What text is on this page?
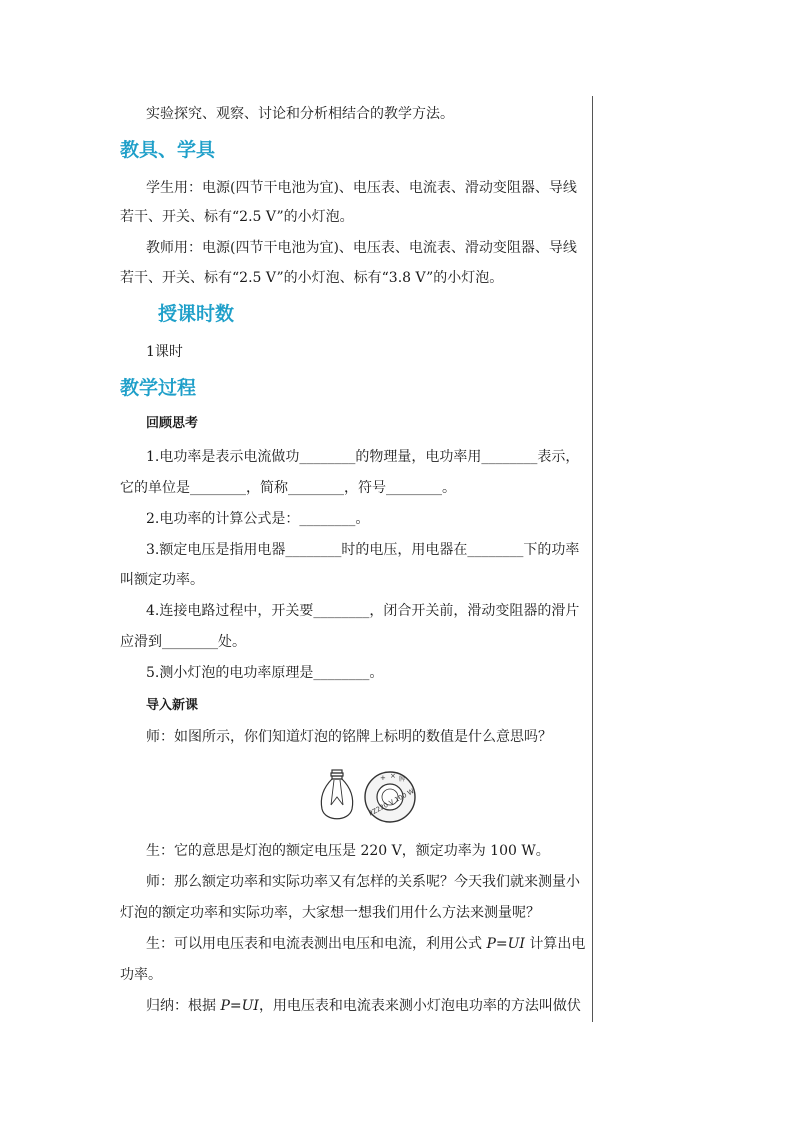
实验探究、观察、讨论和分析相结合的教学方法。
教具、学具
学生用：电源(四节干电池为宜)、电压表、电流表、滑动变阻器、导线
若干、开关、标有“2.5 V”的小灯泡。
教师用：电源(四节干电池为宜)、电压表、电流表、滑动变阻器、导线
若干、开关、标有“2.5 V”的小灯泡、标有“3.8 V”的小灯泡。
授课时数
1课时
教学过程
回顾思考
1.电功率是表示电流做功________的物理量，电功率用________表示，
它的单位是________，简称________，符号________。
2.电功率的计算公式是：________。
3.额定电压是指用电器________时的电压，用电器在________下的功率
叫额定功率。
4.连接电路过程中，开关要________，闭合开关前，滑动变阻器的滑片
应滑到________处。
5.测小灯泡的电功率原理是________。
导入新课
师：如图所示，你们知道灯泡的铭牌上标明的数值是什么意思吗？
+ × 牌
PZ220 V 100 W
生：它的意思是灯泡的额定电压是 220 V，额定功率为 100 W。
师：那么额定功率和实际功率又有怎样的关系呢？今天我们就来测量小
灯泡的额定功率和实际功率，大家想一想我们用什么方法来测量呢？
生：可以用电压表和电流表测出电压和电流，利用公式 P=UI 计算出电
功率。
归纳：根据 P=UI，用电压表和电流表来测小灯泡电功率的方法叫做伏
